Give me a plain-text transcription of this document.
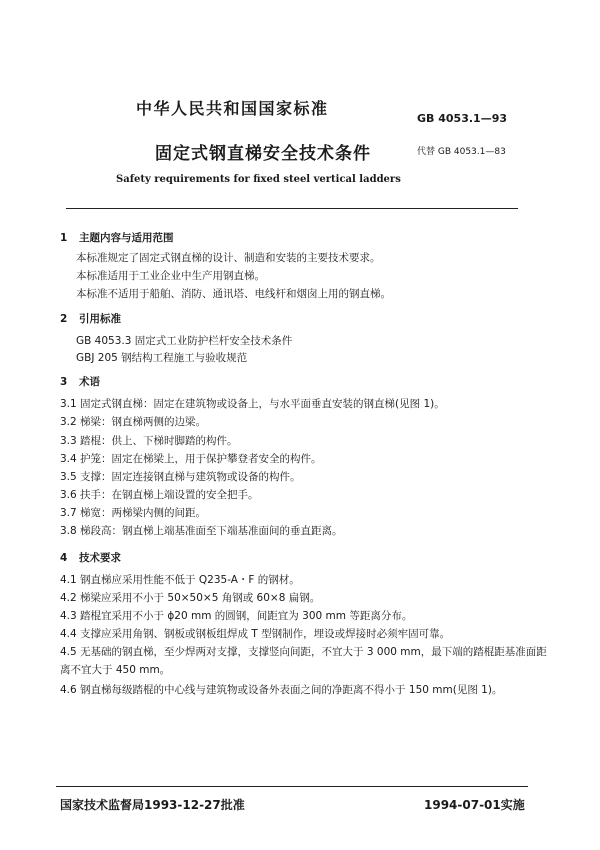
中华人民共和国国家标准
GB 4053.1—93
固定式钢直梯安全技术条件	代替 GB 4053.1—83
Safety requirements for fixed steel vertical ladders
1 主题内容与适用范围
本标准规定了固定式钢直梯的设计、制造和安装的主要技术要求。
本标准适用于工业企业中生产用钢直梯。
本标准不适用于船舶、消防、通讯塔、电线杆和烟囱上用的钢直梯。
2 引用标准
GB 4053.3 固定式工业防护栏杆安全技术条件
GBJ 205 钢结构工程施工与验收规范
3 术语
3.1 固定式钢直梯：固定在建筑物或设备上，与水平面垂直安装的钢直梯(见图 1)。
3.2 梯梁：钢直梯两侧的边梁。
3.3 踏棍：供上、下梯时脚踏的构件。
3.4 护笼：固定在梯梁上，用于保护攀登者安全的构件。
3.5 支撑：固定连接钢直梯与建筑物或设备的构件。
3.6 扶手：在钢直梯上端设置的安全把手。
3.7 梯宽：两梯梁内侧的间距。
3.8 梯段高：钢直梯上端基准面至下端基准面间的垂直距离。
4 技术要求
4.1 钢直梯应采用性能不低于 Q235-A・F 的钢材。
4.2 梯梁应采用不小于 50×50×5 角钢或 60×8 扁钢。
4.3 踏棍宜采用不小于 ϕ20 mm 的圆钢，间距宜为 300 mm 等距离分布。
4.4 支撑应采用角钢、钢板或钢板组焊成 T 型钢制作，埋设或焊接时必须牢固可靠。
4.5 无基础的钢直梯，至少焊两对支撑，支撑竖向间距，不宜大于 3 000 mm，最下端的踏棍距基准面距
离不宜大于 450 mm。
4.6 钢直梯每级踏棍的中心线与建筑物或设备外表面之间的净距离不得小于 150 mm(见图 1)。
国家技术监督局1993-12-27批准	1994-07-01实施
